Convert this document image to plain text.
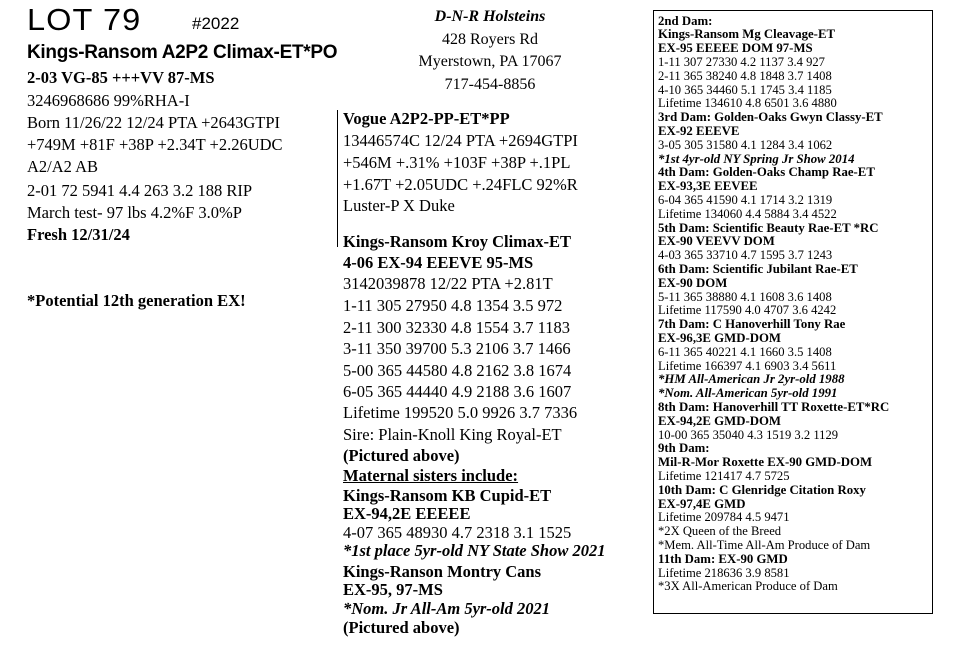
LOT 79	#2022
Kings-Ransom A2P2 Climax-ET*PO
2-03 VG-85 +++VV 87-MS
3246968686 99%RHA-I
Born 11/26/22 12/24 PTA +2643GTPI
+749M +81F +38P +2.34T +2.26UDC
A2/A2 AB
2-01 72 5941 4.4 263 3.2 188 RIP
March test- 97 lbs 4.2%F 3.0%P
Fresh 12/31/24
*Potential 12th generation EX!
D-N-R Holsteins
428 Royers Rd
Myerstown, PA 17067
717-454-8856
Vogue A2P2-PP-ET*PP
13446574C 12/24 PTA +2694GTPI
+546M +.31% +103F +38P +.1PL
+1.67T +2.05UDC +.24FLC 92%R
Luster-P X Duke
Kings-Ransom Kroy Climax-ET
4-06 EX-94 EEEVE 95-MS
3142039878 12/22 PTA +2.81T
1-11 305 27950 4.8 1354 3.5 972
2-11 300 32330 4.8 1554 3.7 1183
3-11 350 39700 5.3 2106 3.7 1466
5-00 365 44580 4.8 2162 3.8 1674
6-05 365 44440 4.9 2188 3.6 1607
Lifetime 199520 5.0 9926 3.7 7336
Sire: Plain-Knoll King Royal-ET
(Pictured above)
Maternal sisters include:
Kings-Ransom KB Cupid-ET
EX-94,2E EEEEE
4-07 365 48930 4.7 2318 3.1 1525
*1st place 5yr-old NY State Show 2021
Kings-Ranson Montry Cans
EX-95, 97-MS
*Nom. Jr All-Am 5yr-old 2021
(Pictured above)
2nd Dam:
Kings-Ransom Mg Cleavage-ET
EX-95 EEEEE DOM 97-MS
1-11 307 27330 4.2 1137 3.4 927
2-11 365 38240 4.8 1848 3.7 1408
4-10 365 34460 5.1 1745 3.4 1185
Lifetime 134610 4.8 6501 3.6 4880
3rd Dam: Golden-Oaks Gwyn Classy-ET
EX-92 EEEVE
3-05 305 31580 4.1 1284 3.4 1062
*1st 4yr-old NY Spring Jr Show 2014
4th Dam: Golden-Oaks Champ Rae-ET
EX-93,3E EEVEE
6-04 365 41590 4.1 1714 3.2 1319
Lifetime 134060 4.4 5884 3.4 4522
5th Dam: Scientific Beauty Rae-ET *RC
EX-90 VEEVV DOM
4-03 365 33710 4.7 1595 3.7 1243
6th Dam: Scientific Jubilant Rae-ET
EX-90 DOM
5-11 365 38880 4.1 1608 3.6 1408
Lifetime 117590 4.0 4707 3.6 4242
7th Dam: C Hanoverhill Tony Rae
EX-96,3E GMD-DOM
6-11 365 40221 4.1 1660 3.5 1408
Lifetime 166397 4.1 6903 3.4 5611
*HM All-American Jr 2yr-old 1988
*Nom. All-American 5yr-old 1991
8th Dam: Hanoverhill TT Roxette-ET*RC
EX-94,2E GMD-DOM
10-00 365 35040 4.3 1519 3.2 1129
9th Dam:
Mil-R-Mor Roxette EX-90 GMD-DOM
Lifetime 121417 4.7 5725
10th Dam: C Glenridge Citation Roxy
EX-97,4E GMD
Lifetime 209784 4.5 9471
*2X Queen of the Breed
*Mem. All-Time All-Am Produce of Dam
11th Dam: EX-90 GMD
Lifetime 218636 3.9 8581
*3X All-American Produce of Dam
